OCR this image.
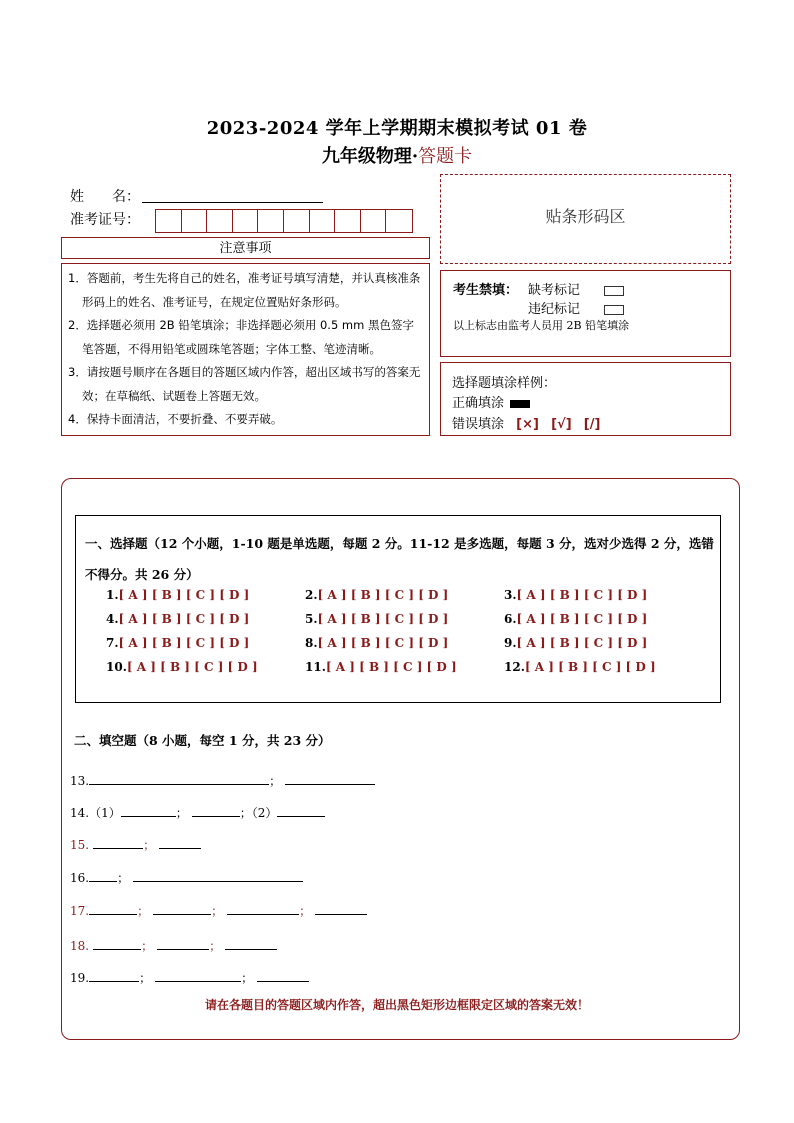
2023-2024 学年上学期期末模拟考试 01 卷
九年级物理·答题卡
姓　　名：
准考证号：
注意事项
1．答题前，考生先将自己的姓名，准考证号填写清楚，并认真核准条形码上的姓名、准考证号，在规定位置贴好条形码。
2．选择题必须用 2B 铅笔填涂；非选择题必须用 0.5 mm 黑色签字笔答题，不得用铅笔或圆珠笔答题；字体工整、笔迹清晰。
3．请按题号顺序在各题目的答题区域内作答，超出区域书写的答案无效；在草稿纸、试题卷上答题无效。
4．保持卡面清洁，不要折叠、不要弄破。
贴条形码区
考生禁填： 缺考标记
违纪标记
以上标志由监考人员用 2B 铅笔填涂
选择题填涂样例：
正确填涂
错误填涂 [×] [√] [/]
一、选择题（12 个小题，1-10 题是单选题，每题 2 分。11-12 是多选题，每题 3 分，选对少选得 2 分，选错不得分。共 26 分）
1.[ A ] [ B ] [ C ] [ D ]	2.[ A ] [ B ] [ C ] [ D ]	3.[ A ] [ B ] [ C ] [ D ]
4.[ A ] [ B ] [ C ] [ D ]	5.[ A ] [ B ] [ C ] [ D ]	6.[ A ] [ B ] [ C ] [ D ]
7.[ A ] [ B ] [ C ] [ D ]	8.[ A ] [ B ] [ C ] [ D ]	9.[ A ] [ B ] [ C ] [ D ]
10.[ A ] [ B ] [ C ] [ D ]	11.[ A ] [ B ] [ C ] [ D ]	12.[ A ] [ B ] [ C ] [ D ]
二、填空题（8 小题，每空 1 分，共 23 分）
13.	；
14.（1）	；	；（2）
15.	；
16. ；
17.	；	；	；
18.	；	；
19.	；	；
请在各题目的答题区域内作答，超出黑色矩形边框限定区域的答案无效！
